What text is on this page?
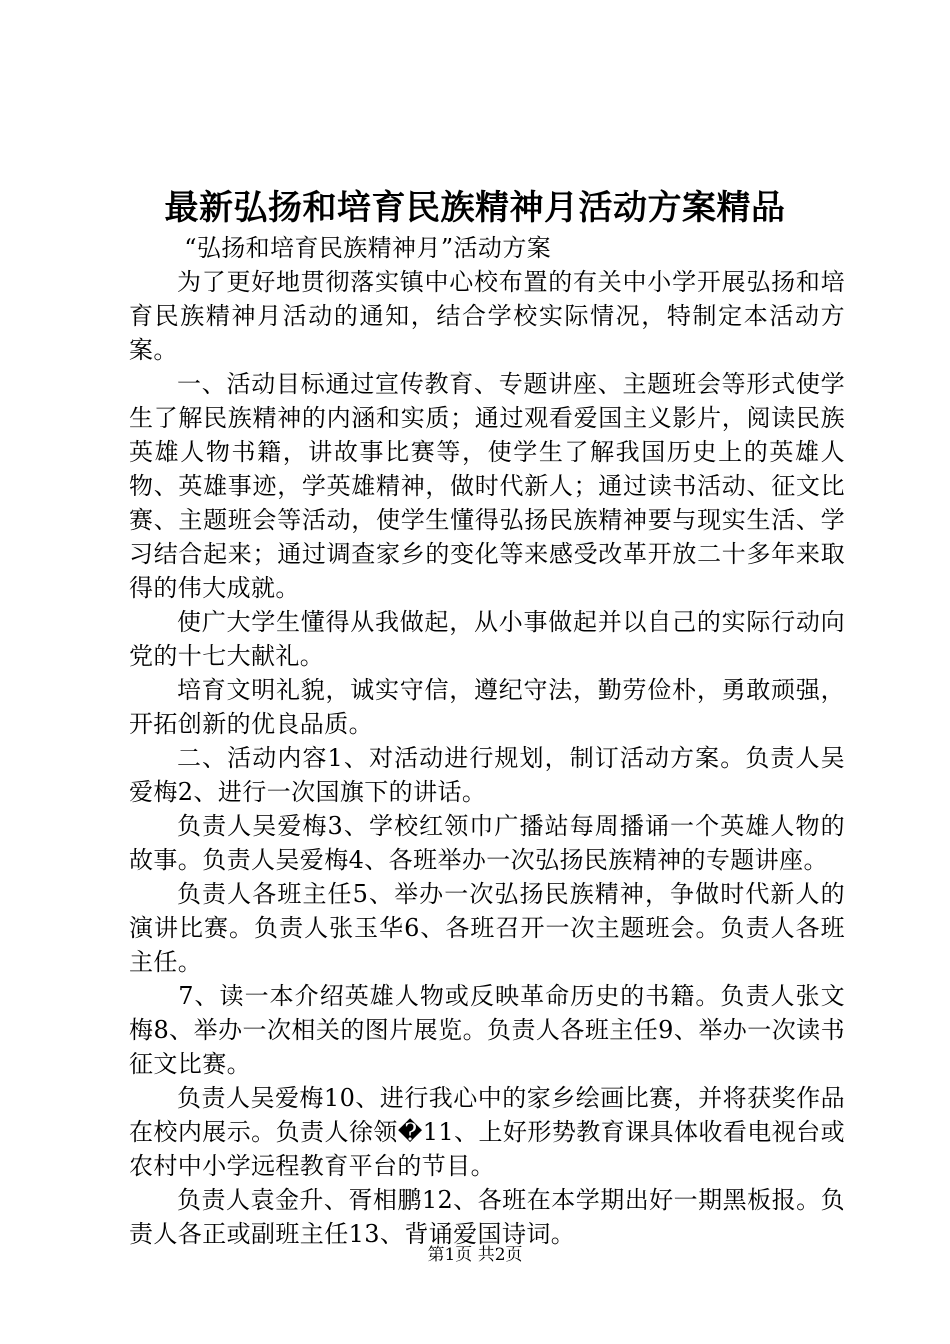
最新弘扬和培育民族精神月活动方案精品

“弘扬和培育民族精神月”活动方案

为了更好地贯彻落实镇中心校布置的有关中小学开展弘扬和培育民族精神月活动的通知，结合学校实际情况，特制定本活动方案。

一、活动目标通过宣传教育、专题讲座、主题班会等形式使学生了解民族精神的内涵和实质；通过观看爱国主义影片，阅读民族英雄人物书籍，讲故事比赛等，使学生了解我国历史上的英雄人物、英雄事迹，学英雄精神，做时代新人；通过读书活动、征文比赛、主题班会等活动，使学生懂得弘扬民族精神要与现实生活、学习结合起来；通过调查家乡的变化等来感受改革开放二十多年来取得的伟大成就。

使广大学生懂得从我做起，从小事做起并以自己的实际行动向党的十七大献礼。

培育文明礼貌，诚实守信，遵纪守法，勤劳俭朴，勇敢顽强，开拓创新的优良品质。

二、活动内容1、对活动进行规划，制订活动方案。负责人吴爱梅2、进行一次国旗下的讲话。

负责人吴爱梅3、学校红领巾广播站每周播诵一个英雄人物的故事。负责人吴爱梅4、各班举办一次弘扬民族精神的专题讲座。

负责人各班主任5、举办一次弘扬民族精神，争做时代新人的演讲比赛。负责人张玉华6、各班召开一次主题班会。负责人各班主任。

7、读一本介绍英雄人物或反映革命历史的书籍。负责人张文梅8、举办一次相关的图片展览。负责人各班主任9、举办一次读书征文比赛。

负责人吴爱梅10、进行我心中的家乡绘画比赛，并将获奖作品在校内展示。负责人徐领�11、上好形势教育课具体收看电视台或农村中小学远程教育平台的节目。

负责人袁金升、胥相鹏12、各班在本学期出好一期黑板报。负责人各正或副班主任13、背诵爱国诗词。

第1页 共2页
